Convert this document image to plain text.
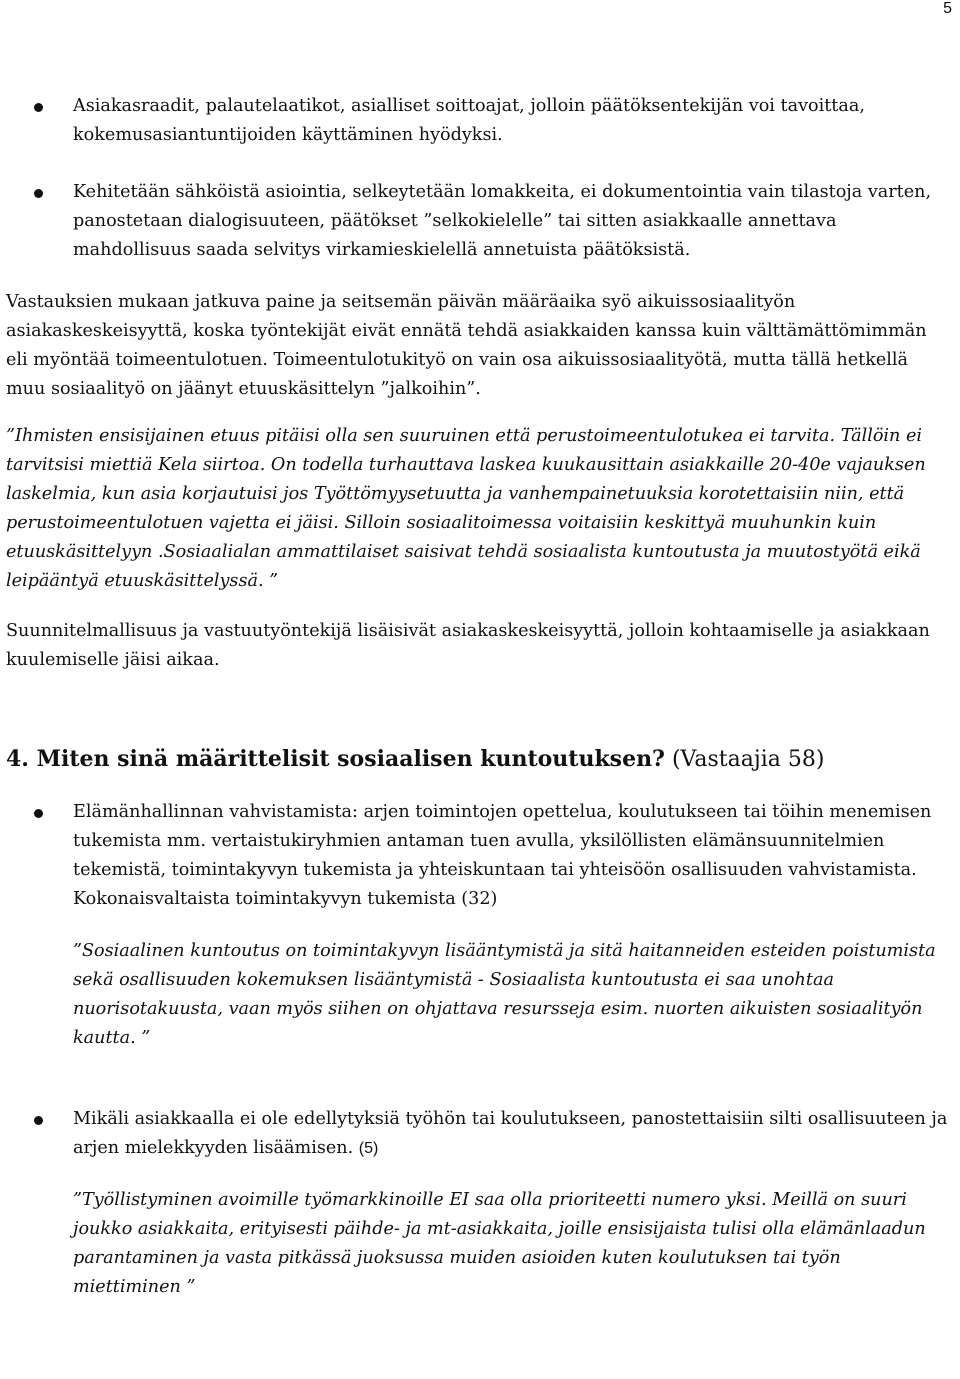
5

Asiakasraadit, palautelaatikot, asialliset soittoajat, jolloin päätöksentekijän voi tavoittaa, kokemusasiantuntijoiden käyttäminen hyödyksi.

Kehitetään sähköistä asiointia, selkeytetään lomakkeita, ei dokumentointia vain tilastoja varten, panostetaan dialogisuuteen, päätökset ”selkokielelle” tai sitten asiakkaalle annettava mahdollisuus saada selvitys virkamieskielellä annetuista päätöksistä.

Vastauksien mukaan jatkuva paine ja seitsemän päivän määräaika syö aikuissosiaalityön asiakaskeskeisyyttä, koska työntekijät eivät ennätä tehdä asiakkaiden kanssa kuin välttämättömimmän eli myöntää toimeentulotuen. Toimeentulotukityö on vain osa aikuissosiaalityötä, mutta tällä hetkellä muu sosiaalityö on jäänyt etuuskäsittelyn ”jalkoihin”.

”Ihmisten ensisijainen etuus pitäisi olla sen suuruinen että perustoimeentulotukea ei tarvita. Tällöin ei tarvitsisi miettiä Kela siirtoa. On todella turhauttava laskea kuukausittain asiakkaille 20-40e vajauksen laskelmia, kun asia korjautuisi jos Työttömyysetuutta ja vanhempainetuuksia korotettaisiin niin, että perustoimeentulotuen vajetta ei jäisi. Silloin sosiaalitoimessa voitaisiin keskittyä muuhunkin kuin etuuskäsittelyyn .Sosiaalialan ammattilaiset saisivat tehdä sosiaalista kuntoutusta ja muutostyötä eikä leipääntyä etuuskäsittelyssä. ”

Suunnitelmallisuus ja vastuutyöntekijä lisäisivät asiakaskeskeisyyttä, jolloin kohtaamiselle ja asiakkaan kuulemiselle jäisi aikaa.

4. Miten sinä määrittelisit sosiaalisen kuntoutuksen? (Vastaajia 58)

Elämänhallinnan vahvistamista: arjen toimintojen opettelua, koulutukseen tai töihin menemisen tukemista mm. vertaistukiryhmien antaman tuen avulla, yksilöllisten elämänsuunnitelmien tekemistä, toimintakyvyn tukemista ja yhteiskuntaan tai yhteisöön osallisuuden vahvistamista. Kokonaisvaltaista toimintakyvyn tukemista (32)

”Sosiaalinen kuntoutus on toimintakyvyn lisääntymistä ja sitä haitanneiden esteiden poistumista sekä osallisuuden kokemuksen lisääntymistä - Sosiaalista kuntoutusta ei saa unohtaa nuorisotakuusta, vaan myös siihen on ohjattava resursseja esim. nuorten aikuisten sosiaalityön kautta. ”

Mikäli asiakkaalla ei ole edellytyksiä työhön tai koulutukseen, panostettaisiin silti osallisuuteen ja arjen mielekkyyden lisäämisen. (5)

”Työllistyminen avoimille työmarkkinoille EI saa olla prioriteetti numero yksi. Meillä on suuri joukko asiakkaita, erityisesti päihde- ja mt-asiakkaita, joille ensisijaista tulisi olla elämänlaadun parantaminen ja vasta pitkässä juoksussa muiden asioiden kuten koulutuksen tai työn miettiminen ”
